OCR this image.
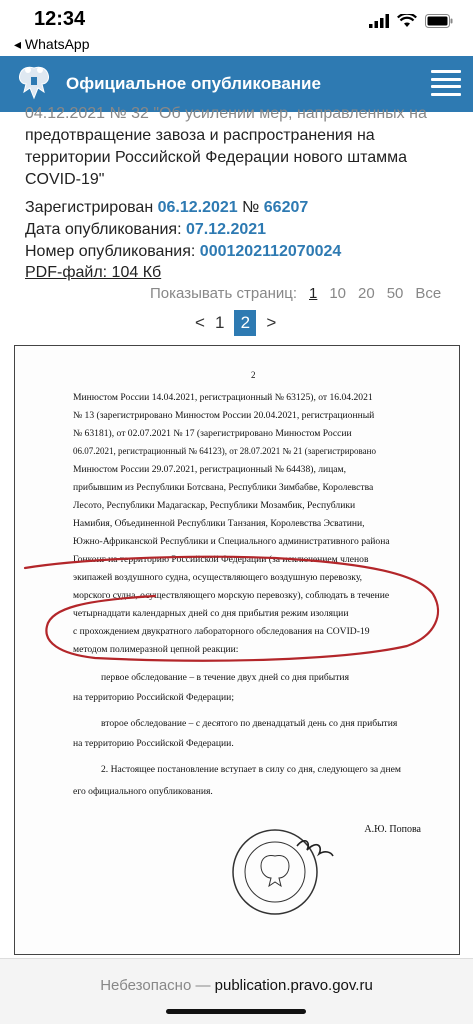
12:34
◂ WhatsApp
Официальное опубликование
04.12.2021 № 32 "Об усилении мер, направленных на
предотвращение завоза и распространения на
территории Российской Федерации нового штамма
COVID-19"
Зарегистрирован 06.12.2021 № 66207
Дата опубликования: 07.12.2021
Номер опубликования: 0001202112070024
PDF-файл: 104 Кб
Показывать страниц: 1 10 20 50 Все
< 1 2 >
2
Минюстом России 14.04.2021, регистрационный № 63125), от 16.04.2021
№ 13 (зарегистрировано Минюстом России 20.04.2021, регистрационный
№ 63181), от 02.07.2021 № 17 (зарегистрировано Минюстом России
06.07.2021, регистрационный № 64123), от 28.07.2021 № 21 (зарегистрировано
Минюстом России 29.07.2021, регистрационный № 64438), лицам,
прибывшим из Республики Ботсвана, Республики Зимбабве, Королевства
Лесото, Республики Мадагаскар, Республики Мозамбик, Республики
Намибия, Объединенной Республики Танзания, Королевства Эсватини,
Южно-Африканской Республики и Специального административного района
Гонконг на территорию Российской Федерации (за исключением членов
экипажей воздушного судна, осуществляющего воздушную перевозку,
морского судна, осуществляющего морскую перевозку), соблюдать в течение
четырнадцати календарных дней со дня прибытия режим изоляции
с прохождением двукратного лабораторного обследования на COVID-19
методом полимеразной цепной реакции:
первое обследование – в течение двух дней со дня прибытия
на территорию Российской Федерации;
второе обследование – с десятого по двенадцатый день со дня прибытия
на территорию Российской Федерации.
2. Настоящее постановление вступает в силу со дня, следующего за днем
его официального опубликования.
А.Ю. Попова
Небезопасно — publication.pravo.gov.ru
